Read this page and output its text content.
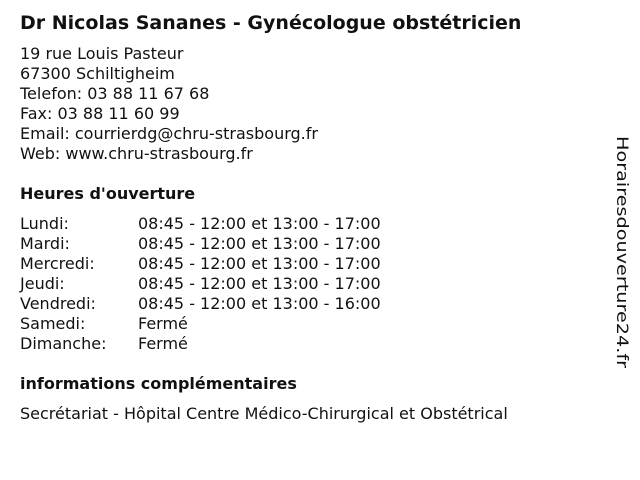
Dr Nicolas Sananes - Gynécologue obstétricien
19 rue Louis Pasteur
67300 Schiltigheim
Telefon: 03 88 11 67 68
Fax: 03 88 11 60 99
Email: courrierdg@chru-strasbourg.fr
Web: www.chru-strasbourg.fr
Heures d'ouverture
Lundi:	08:45 - 12:00 et 13:00 - 17:00
Mardi:	08:45 - 12:00 et 13:00 - 17:00
Mercredi:	08:45 - 12:00 et 13:00 - 17:00
Jeudi:	08:45 - 12:00 et 13:00 - 17:00
Vendredi:	08:45 - 12:00 et 13:00 - 16:00
Samedi:	Fermé
Dimanche: Fermé
informations complémentaires
Secrétariat - Hôpital Centre Médico-Chirurgical et Obstétrical
Horairesdouverture24.fr
